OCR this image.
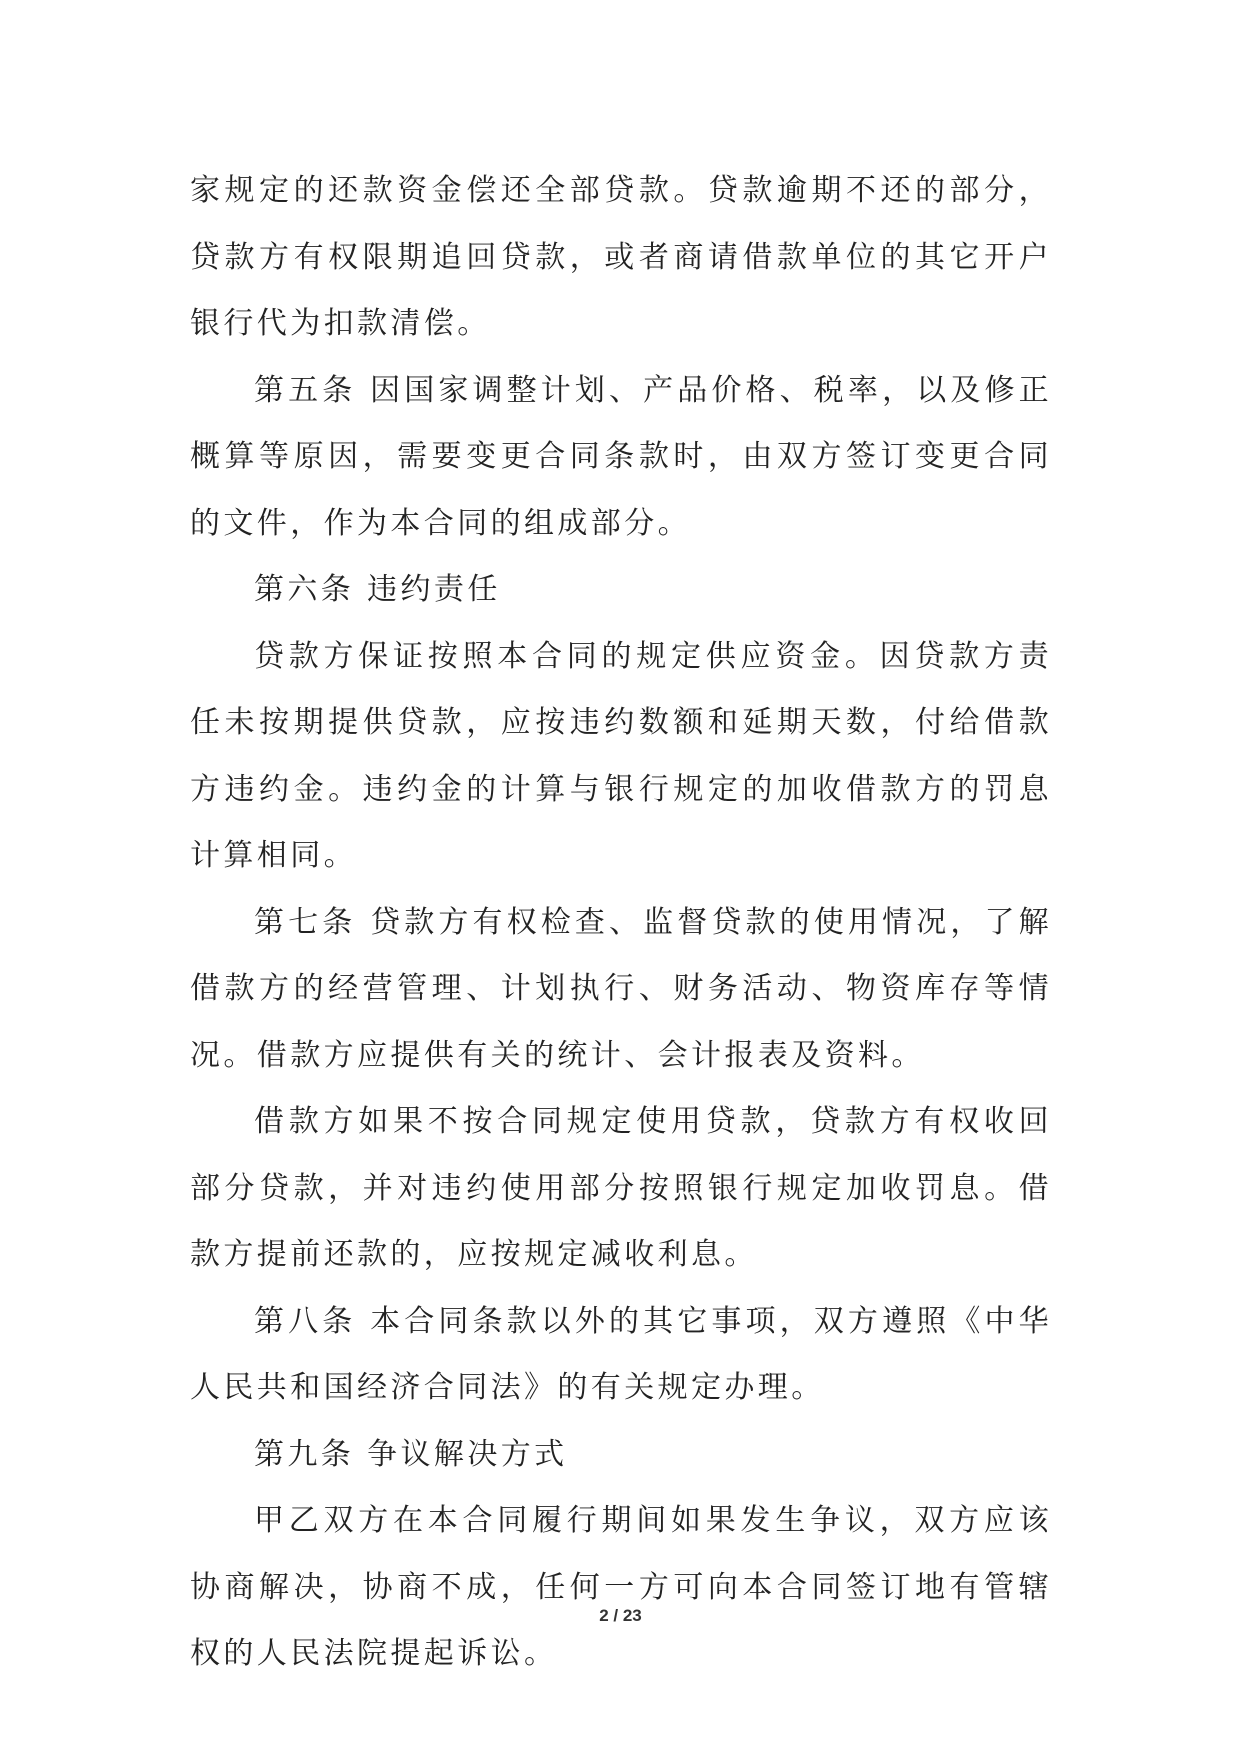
家规定的还款资金偿还全部贷款。贷款逾期不还的部分，贷款方有权限期追回贷款，或者商请借款单位的其它开户银行代为扣款清偿。

第五条 因国家调整计划、产品价格、税率，以及修正概算等原因，需要变更合同条款时，由双方签订变更合同的文件，作为本合同的组成部分。

第六条 违约责任

贷款方保证按照本合同的规定供应资金。因贷款方责任未按期提供贷款，应按违约数额和延期天数，付给借款方违约金。违约金的计算与银行规定的加收借款方的罚息计算相同。

第七条 贷款方有权检查、监督贷款的使用情况，了解借款方的经营管理、计划执行、财务活动、物资库存等情况。借款方应提供有关的统计、会计报表及资料。

借款方如果不按合同规定使用贷款，贷款方有权收回部分贷款，并对违约使用部分按照银行规定加收罚息。借款方提前还款的，应按规定减收利息。

第八条 本合同条款以外的其它事项，双方遵照《中华人民共和国经济合同法》的有关规定办理。

第九条 争议解决方式

甲乙双方在本合同履行期间如果发生争议，双方应该协商解决，协商不成，任何一方可向本合同签订地有管辖权的人民法院提起诉讼。

2 / 23
